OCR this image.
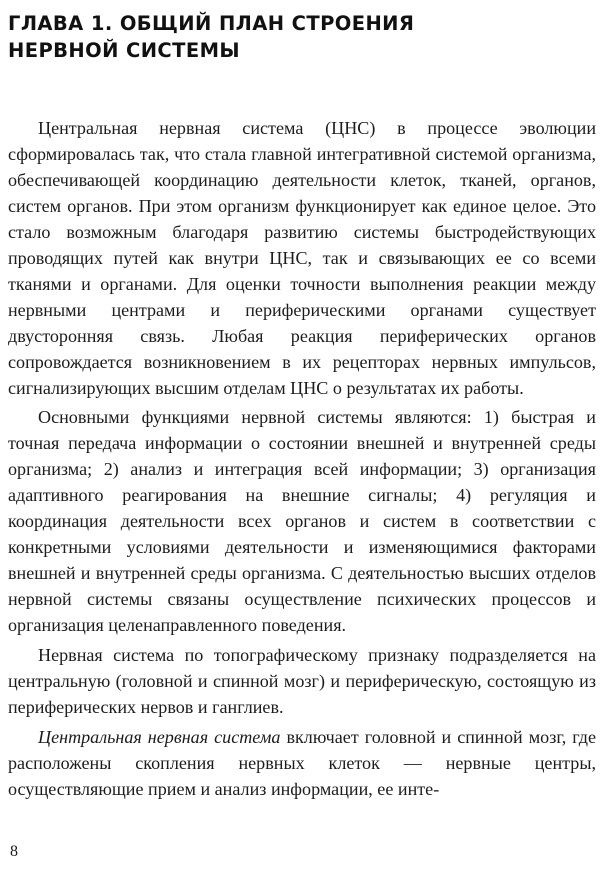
ГЛАВА 1. ОБЩИЙ ПЛАН СТРОЕНИЯ
НЕРВНОЙ СИСТЕМЫ

Центральная нервная система (ЦНС) в процессе эволюции сформировалась так, что стала главной интегративной системой организма, обеспечивающей координацию деятельности клеток, тканей, органов, систем органов. При этом организм функционирует как единое целое. Это стало возможным благодаря развитию системы быстродействующих проводящих путей как внутри ЦНС, так и связывающих ее со всеми тканями и органами. Для оценки точности выполнения реакции между нервными центрами и периферическими органами существует двусторонняя связь. Любая реакция периферических органов сопровождается возникновением в их рецепторах нервных импульсов, сигнализирующих высшим отделам ЦНС о результатах их работы.

Основными функциями нервной системы являются: 1) быстрая и точная передача информации о состоянии внешней и внутренней среды организма; 2) анализ и интеграция всей информации; 3) организация адаптивного реагирования на внешние сигналы; 4) регуляция и координация деятельности всех органов и систем в соответствии с конкретными условиями деятельности и изменяющимися факторами внешней и внутренней среды организма. С деятельностью высших отделов нервной системы связаны осуществление психических процессов и организация целенаправленного поведения.

Нервная система по топографическому признаку подразделяется на центральную (головной и спинной мозг) и периферическую, состоящую из периферических нервов и ганглиев.

Центральная нервная система включает головной и спинной мозг, где расположены скопления нервных клеток — нервные центры, осуществляющие прием и анализ информации, ее инте-

8
